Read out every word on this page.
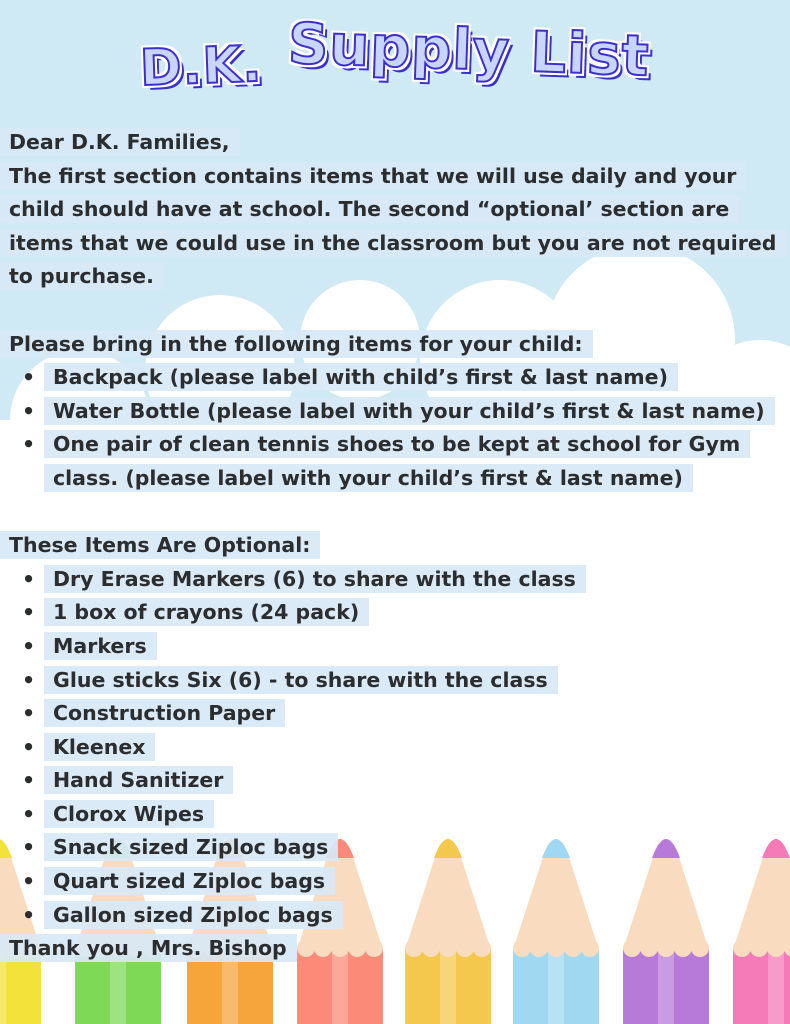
D.K. Supply List

Dear D.K. Families,

The first section contains items that we will use daily and your child should have at school. The second “optional’ section are items that we could use in the classroom but you are not required to purchase.

Please bring in the following items for your child:

• Backpack (please label with child’s first & last name)
• Water Bottle (please label with your child’s first & last name)
• One pair of clean tennis shoes to be kept at school for Gym class. (please label with your child’s first & last name)

These Items Are Optional:

• Dry Erase Markers (6) to share with the class
• 1 box of crayons (24 pack)
• Markers
• Glue sticks Six (6) - to share with the class
• Construction Paper
• Kleenex
• Hand Sanitizer
• Clorox Wipes
• Snack sized Ziploc bags
• Quart sized Ziploc bags
• Gallon sized Ziploc bags

Thank you , Mrs. Bishop
